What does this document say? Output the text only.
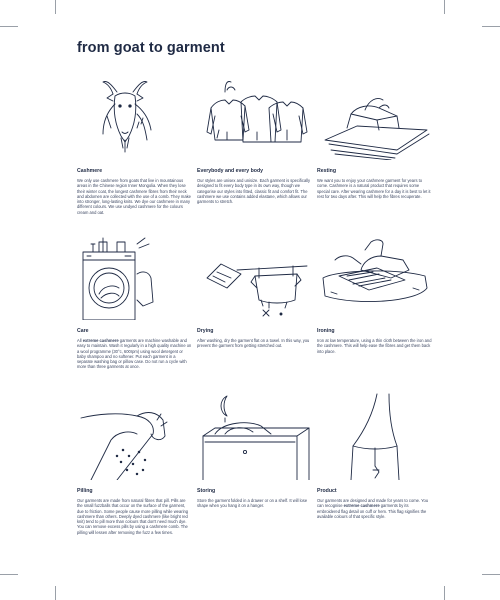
from goat to garment
Cashmere
We only use cashmere from goats that live in mountainous areas in the Chinese region Inner Mongolia. When they lose their winter coat, the longest cashmere fibres from their neck and abdomen are collected with the use of a comb. They make into stronger, long-lasting knits. We dye our cashmere in many different colours. We use undyed cashmere for the colours cream and oat.
Everybody and every body
Our styles are unisex and unisize. Each garment is specifically designed to fit every body type in its own way, though we categorise our styles into fitted, classic fit and comfort fit. The cashmere we use contains added elastane, which allows our garments to stretch.
Resting
We want you to enjoy your cashmere garment for years to come. Cashmere is a natural product that requires some special care. After wearing cashmere for a day it is best to let it rest for two days after. This will help the fibres recuperate.
Care
All extreme cashmere garments are machine washable and easy to maintain. Wash it regularly in a high quality machine on a wool programme (30°c, 600rpm) using wool detergent or baby shampoo and no softener. Put each garment in a separate washing bag or pillow case. Do not run a cycle with more than three garments at once.
Drying
After washing, dry the garment flat on a towel. In this way, you prevent the garment from getting stretched out.
Ironing
Iron at low temperature, using a thin cloth between the iron and the cashmere. This will help ease the fibres and get them back into place.
Pilling
Our garments are made from natural fibres that pill. Pills are the small fuzzballs that occur on the surface of the garment, due to friction. Some people cause more pilling while wearing cashmere than others. Deeply dyed cashmere (like bright red knit) tend to pill more than colours that don't need much dye. You can remove excess pills by using a cashmere comb. The pilling will lessen after removing the fuzz a few times.
Storing
Store the garment folded in a drawer or on a shelf. It will lose shape when you hang it on a hanger.
Product
Our garments are designed and made for years to come. You can recognise extreme cashmere garments by its embroidered flag detail on cuff or hem. This flag signifies the available colours of that specific style.
